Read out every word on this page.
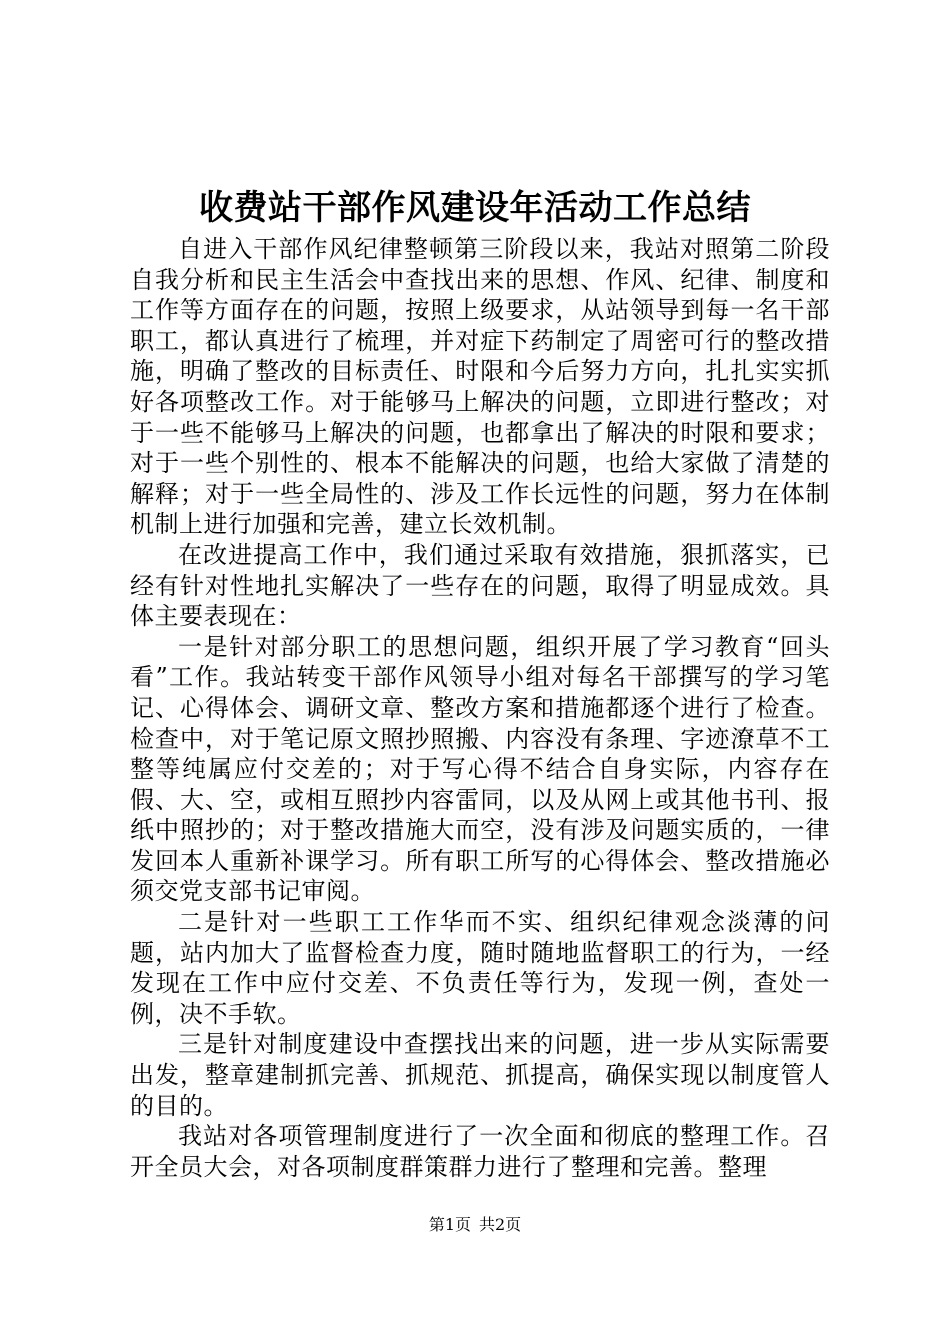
收费站干部作风建设年活动工作总结

自进入干部作风纪律整顿第三阶段以来，我站对照第二阶段自我分析和民主生活会中查找出来的思想、作风、纪律、制度和工作等方面存在的问题，按照上级要求，从站领导到每一名干部职工，都认真进行了梳理，并对症下药制定了周密可行的整改措施，明确了整改的目标责任、时限和今后努力方向，扎扎实实抓好各项整改工作。对于能够马上解决的问题，立即进行整改；对于一些不能够马上解决的问题，也都拿出了解决的时限和要求；对于一些个别性的、根本不能解决的问题，也给大家做了清楚的解释；对于一些全局性的、涉及工作长远性的问题，努力在体制机制上进行加强和完善，建立长效机制。

在改进提高工作中，我们通过采取有效措施，狠抓落实，已经有针对性地扎实解决了一些存在的问题，取得了明显成效。具体主要表现在：

一是针对部分职工的思想问题，组织开展了学习教育“回头看”工作。我站转变干部作风领导小组对每名干部撰写的学习笔记、心得体会、调研文章、整改方案和措施都逐个进行了检查。检查中，对于笔记原文照抄照搬、内容没有条理、字迹潦草不工整等纯属应付交差的；对于写心得不结合自身实际，内容存在假、大、空，或相互照抄内容雷同，以及从网上或其他书刊、报纸中照抄的；对于整改措施大而空，没有涉及问题实质的，一律发回本人重新补课学习。所有职工所写的心得体会、整改措施必须交党支部书记审阅。

二是针对一些职工工作华而不实、组织纪律观念淡薄的问题，站内加大了监督检查力度，随时随地监督职工的行为，一经发现在工作中应付交差、不负责任等行为，发现一例，查处一例，决不手软。

三是针对制度建设中查摆找出来的问题，进一步从实际需要出发，整章建制抓完善、抓规范、抓提高，确保实现以制度管人的目的。

我站对各项管理制度进行了一次全面和彻底的整理工作。召开全员大会，对各项制度群策群力进行了整理和完善。整理

第1页 共2页
